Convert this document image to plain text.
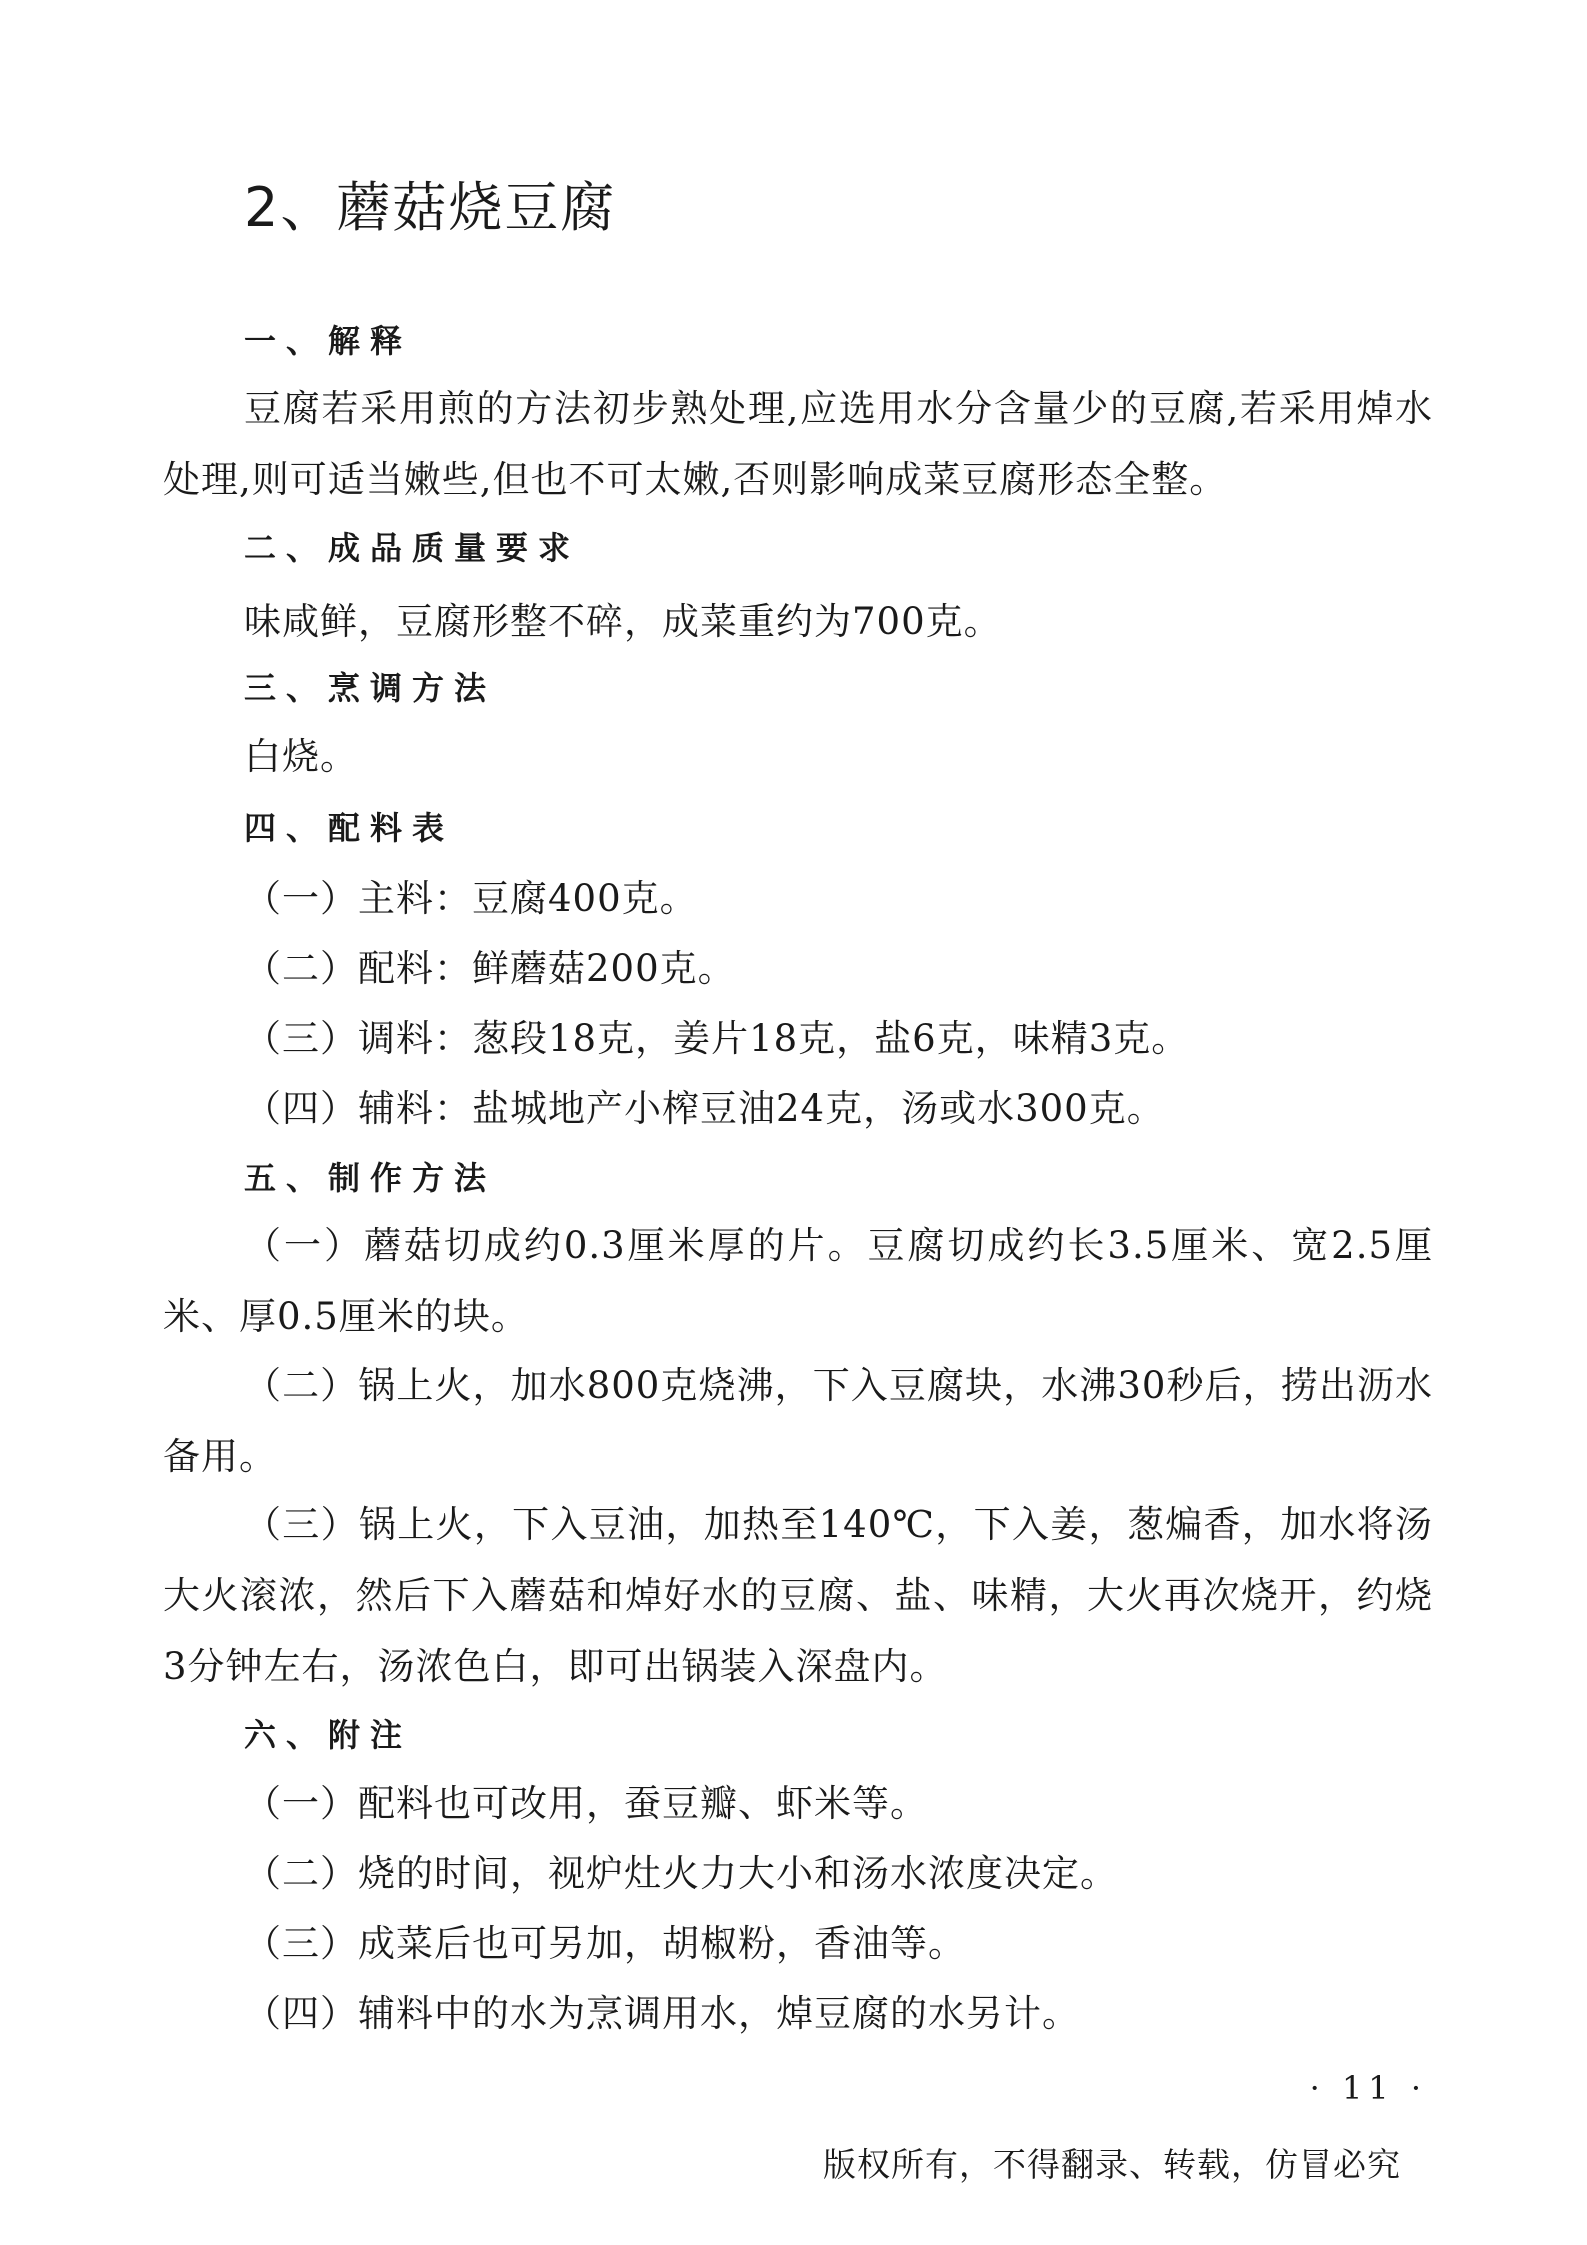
2、蘑菇烧豆腐
一、解释
豆腐若采用煎的方法初步熟处理,应选用水分含量少的豆腐,若采用焯水处理,则可适当嫩些,但也不可太嫩,否则影响成菜豆腐形态全整。
二、成品质量要求
味咸鲜，豆腐形整不碎，成菜重约为700克。
三、烹调方法
白烧。
四、配料表
（一）主料：豆腐400克。
（二）配料：鲜蘑菇200克。
（三）调料：葱段18克，姜片18克，盐6克，味精3克。
（四）辅料：盐城地产小榨豆油24克，汤或水300克。
五、制作方法
（一）蘑菇切成约0.3厘米厚的片。豆腐切成约长3.5厘米、宽2.5厘米、厚0.5厘米的块。
（二）锅上火，加水800克烧沸，下入豆腐块，水沸30秒后，捞出沥水备用。
（三）锅上火，下入豆油，加热至140℃，下入姜，葱煸香，加水将汤大火滚浓，然后下入蘑菇和焯好水的豆腐、盐、味精，大火再次烧开，约烧3分钟左右，汤浓色白，即可出锅装入深盘内。
六、附注
（一）配料也可改用，蚕豆瓣、虾米等。
（二）烧的时间，视炉灶火力大小和汤水浓度决定。
（三）成菜后也可另加，胡椒粉，香油等。
（四）辅料中的水为烹调用水，焯豆腐的水另计。
· 11 ·
版权所有，不得翻录、转载，仿冒必究
